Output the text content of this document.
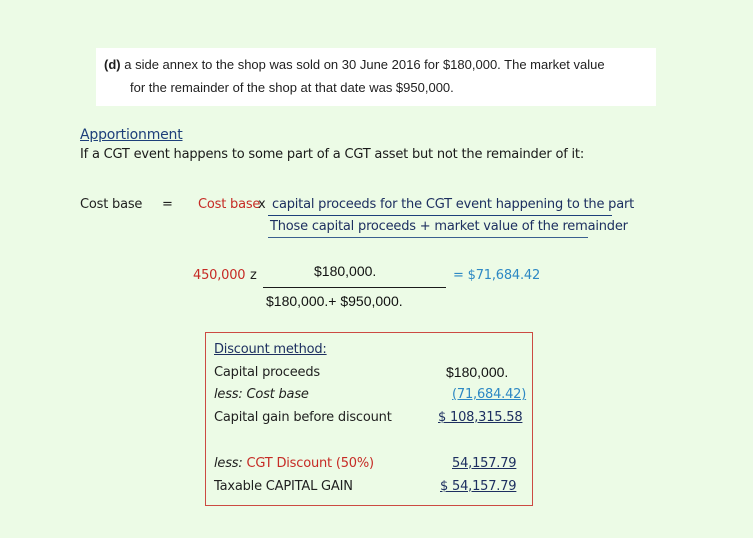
(d) a side annex to the shop was sold on 30 June 2016 for $180,000. The market value
for the remainder of the shop at that date was $950,000.
Apportionment
If a CGT event happens to some part of a CGT asset but not the remainder of it:
Cost base = Cost base
x capital proceeds for the CGT event happening to the part
Those capital proceeds + market value of the remainder
450,000 z	$180,000.
$180,000.+ $950,000.
= $71,684.42
Discount method:
Capital proceeds	$180,000.
less: Cost base	(71,684.42)
Capital gain before discount	$ 108,315.58
less: CGT Discount (50%)	54,157.79
Taxable CAPITAL GAIN	$ 54,157.79
